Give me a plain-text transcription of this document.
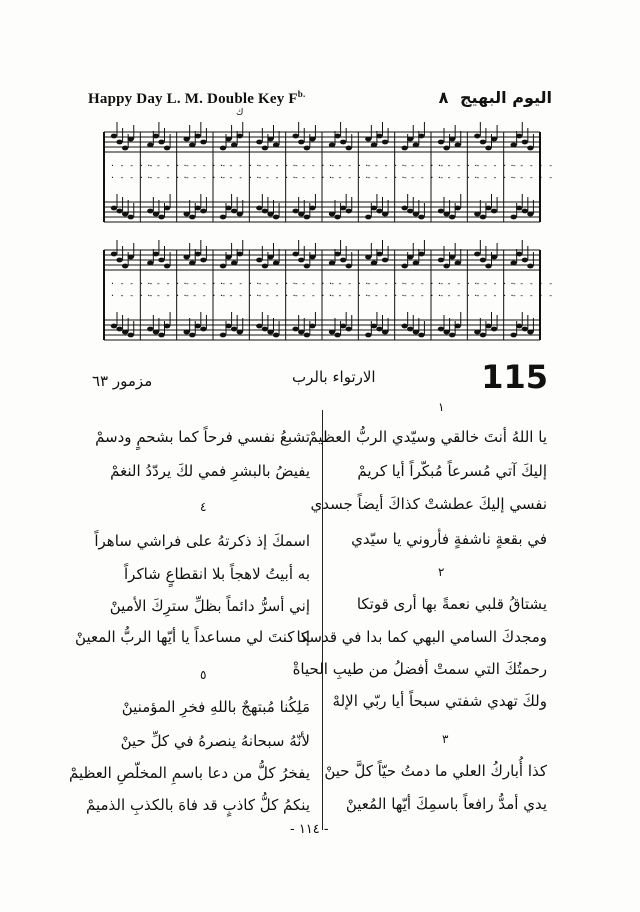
Happy Day L. M. Double Key $F^{b.}$	اليوم البهيج ٨
ك
· - - · -
· - - · -
· - - · -
· - - · -
· - - · -
· - - · -
· - - · -
· - - · -
· - - · -
· - - · -
· - - · -
· - - · -
· - - · -
· - - · -
· - - · -
· - - · -
· - - · -
· - - · -
· - - · -
· - - · -
· - - · -
· - - · -
· - - · -
· - - · -
· - - · -
· - - · -
· - - · -
· - - · -
· - - · -
· - - · -
· - - · -
· - - · -
· - - · -
· - - · -
· - - · -
· - - · -
· - - · -
· - - · -
· - - · -
· - - · -
· - - · -
· - - · -
· - - · -
· - - · -
· - - · -
· - - · -
· - - · -
· - - · -
115
الارتواء بالرب
مزمور ٦٣
١
يا اللهُ أنتَ خالقي وسيّدي الربُّ العظيمْ
إليكَ آتي مُسرعاً مُبكّراً أيا كريمْ
نفسي إليكَ عطشتْ كذاكَ أيضاً جسدي
في بقعةٍ ناشفةٍ فأروني يا سيّدي
٢
يشتاقُ قلبي نعمةً بها أرى قوتكا
ومجدكَ السامي البهي كما بدا في قدسكا
رحمتُكَ التي سمتْ أفضلُ من طيبِ الحياةْ
ولكَ تهدي شفتي سبحاً أيا ربّي الإلهْ
٣
كذا أُباركُ العلي ما دمتُ حيّاً كلَّ حينْ
يدي أمدُّ رافعاً باسمِكَ أيّها المُعينْ
تشبعُ نفسي فرحاً كما بشحمٍ ودسمْ
يفيضُ بالبشرِ فمي لكَ يردّدُ النغمْ
٤
اسمكَ إذ ذكرتهُ على فراشي ساهراً
به أبيتُ لاهجاً بلا انقطاعٍ شاكراً
إني أسرُّ دائماً بظلِّ سترِكَ الأمينْ
إذ كنتَ لي مساعداً يا أيّها الربُّ المعينْ
٥
مَلِكُنا مُبتهجٌ باللهِ فخرِ المؤمنينْ
لأنّهُ سبحانهُ ينصرهُ في كلِّ حينْ
يفخرُ كلُّ من دعا باسمِ المخلّصِ العظيمْ
ينكمُ كلُّ كاذبٍ قد فاهَ بالكذبِ الذميمْ
- ١١٤ -
